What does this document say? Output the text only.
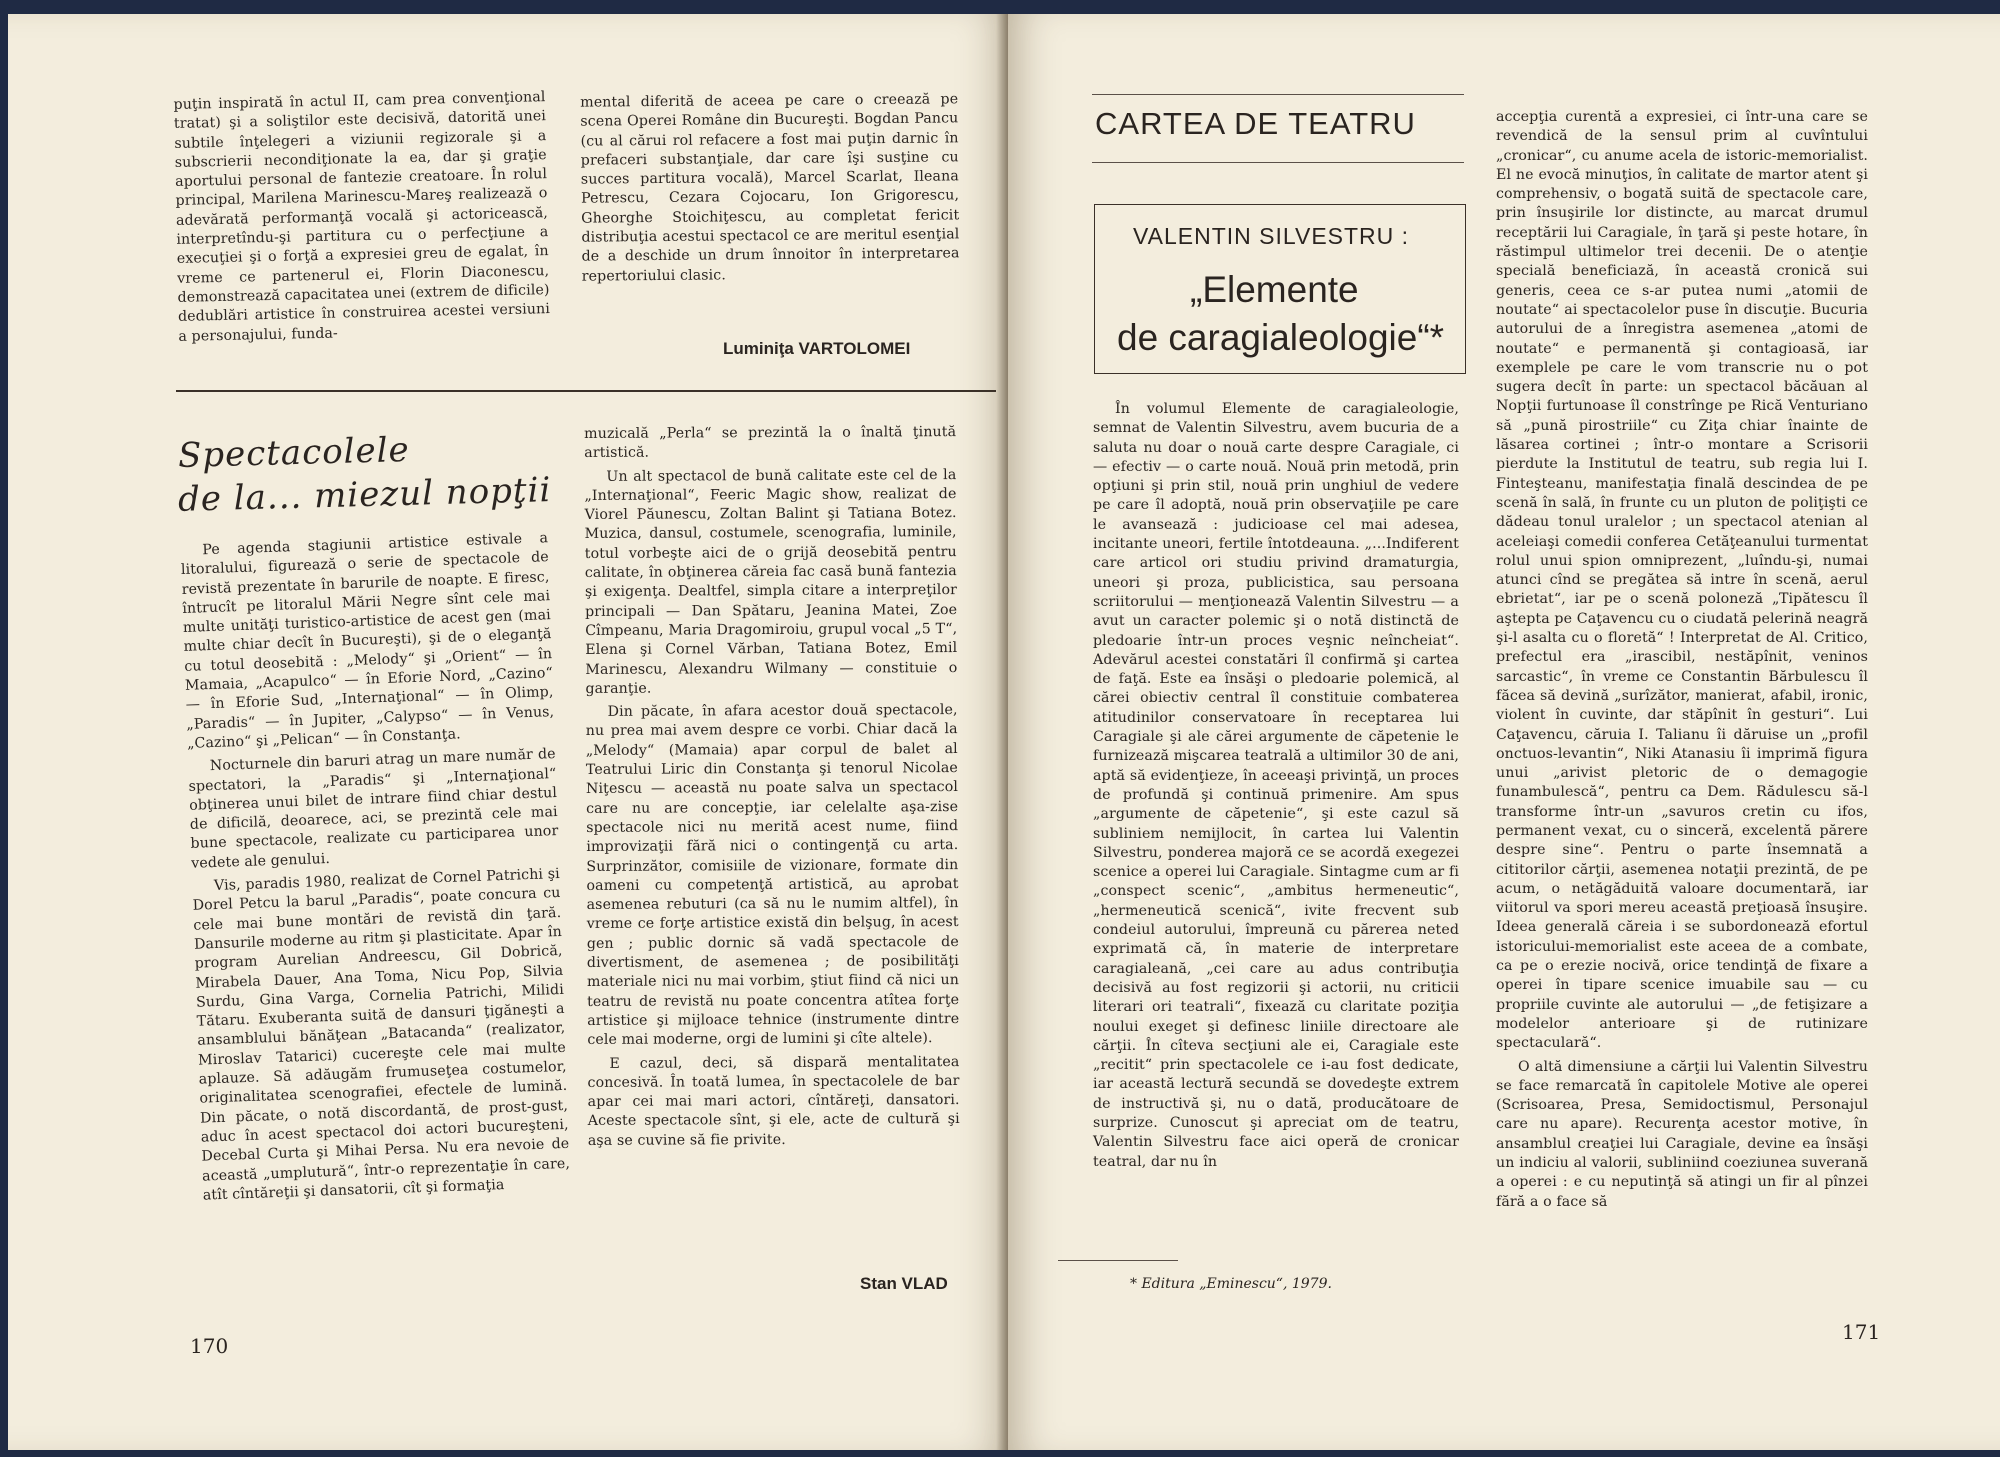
puţin inspirată în actul II, cam prea convenţional tratat) şi a soliştilor este decisivă, datorită unei subtile înţelegeri a viziunii regizorale şi a subscrierii necondiţionate la ea, dar şi graţie aportului personal de fantezie creatoare. În rolul principal, Marilena Marinescu-Mareş realizează o adevărată performanţă vocală şi actoricească, interpretîndu-şi partitura cu o perfecţiune a execuţiei şi o forţă a expresiei greu de egalat, în vreme ce partenerul ei, Florin Diaconescu, demonstrează capacitatea unei (extrem de dificile) dedublări artistice în construirea acestei versiuni a personajului, funda-

mental diferită de aceea pe care o creează pe scena Operei Române din Bucureşti. Bogdan Pancu (cu al cărui rol refacere a fost mai puţin darnic în prefaceri substanţiale, dar care îşi susţine cu succes partitura vocală), Marcel Scarlat, Ileana Petrescu, Cezara Cojocaru, Ion Grigorescu, Gheorghe Stoichiţescu, au completat fericit distribuţia acestui spectacol ce are meritul esenţial de a deschide un drum înnoitor în interpretarea repertoriului clasic.

Luminiţa VARTOLOMEI
Spectacolele
de la... miezul nopţii

Pe agenda stagiunii artistice estivale a litoralului, figurează o serie de spectacole de revistă prezentate în barurile de noapte. E firesc, întrucît pe litoralul Mării Negre sînt cele mai multe unităţi turistico-artistice de acest gen (mai multe chiar decît în Bucureşti), şi de o eleganţă cu totul deosebită : „Melody“ şi „Orient“ — în Mamaia, „Acapulco“ — în Eforie Nord, „Cazino“ — în Eforie Sud, „Internaţional“ — în Olimp, „Paradis“ — în Jupiter, „Calypso“ — în Venus, „Cazino“ şi „Pelican“ — în Constanţa.

Nocturnele din baruri atrag un mare număr de spectatori, la „Paradis“ şi „Internaţional“ obţinerea unui bilet de intrare fiind chiar destul de dificilă, deoarece, aci, se prezintă cele mai bune spectacole, realizate cu participarea unor vedete ale genului.

Vis, paradis 1980, realizat de Cornel Patrichi şi Dorel Petcu la barul „Paradis“, poate concura cu cele mai bune montări de revistă din ţară. Dansurile moderne au ritm şi plasticitate. Apar în program Aurelian Andreescu, Gil Dobrică, Mirabela Dauer, Ana Toma, Nicu Pop, Silvia Surdu, Gina Varga, Cornelia Patrichi, Milidi Tătaru. Exuberanta suită de dansuri ţigăneşti a ansamblului bănăţean „Batacanda“ (realizator, Miroslav Tatarici) cucereşte cele mai multe aplauze. Să adăugăm frumuseţea costumelor, originalitatea scenografiei, efectele de lumină. Din păcate, o notă discordantă, de prost-gust, aduc în acest spectacol doi actori bucureşteni, Decebal Curta şi Mihai Persa. Nu era nevoie de această „umplutură“, într-o reprezentaţie în care, atît cîntăreţii şi dansatorii, cît şi formaţia

muzicală „Perla“ se prezintă la o înaltă ţinută artistică.

Un alt spectacol de bună calitate este cel de la „Internaţional“, Feeric Magic show, realizat de Viorel Păunescu, Zoltan Balint şi Tatiana Botez. Muzica, dansul, costumele, scenografia, luminile, totul vorbeşte aici de o grijă deosebită pentru calitate, în obţinerea căreia fac casă bună fantezia şi exigenţa. Dealtfel, simpla citare a interpreţilor principali — Dan Spătaru, Jeanina Matei, Zoe Cîmpeanu, Maria Dragomiroiu, grupul vocal „5 T“, Elena şi Cornel Vărban, Tatiana Botez, Emil Marinescu, Alexandru Wilmany — constituie o garanţie.

Din păcate, în afara acestor două spectacole, nu prea mai avem despre ce vorbi. Chiar dacă la „Melody“ (Mamaia) apar corpul de balet al Teatrului Liric din Constanţa şi tenorul Nicolae Niţescu — această nu poate salva un spectacol care nu are concepţie, iar celelalte aşa-zise spectacole nici nu merită acest nume, fiind improvizaţii fără nici o contingenţă cu arta. Surprinzător, comisiile de vizionare, formate din oameni cu competenţă artistică, au aprobat asemenea rebuturi (ca să nu le numim altfel), în vreme ce forţe artistice există din belşug, în acest gen ; public dornic să vadă spectacole de divertisment, de asemenea ; de posibilităţi materiale nici nu mai vorbim, ştiut fiind că nici un teatru de revistă nu poate concentra atîtea forţe artistice şi mijloace tehnice (instrumente dintre cele mai moderne, orgi de lumini şi cîte altele).

E cazul, deci, să dispară mentalitatea concesivă. În toată lumea, în spectacolele de bar apar cei mai mari actori, cîntăreţi, dansatori. Aceste spectacole sînt, şi ele, acte de cultură şi aşa se cuvine să fie privite.

Stan VLAD
170
CARTEA DE TEATRU
VALENTIN SILVESTRU :
„Elemente
de caragialeologie“*

În volumul Elemente de caragialeologie, semnat de Valentin Silvestru, avem bucuria de a saluta nu doar o nouă carte despre Caragiale, ci — efectiv — o carte nouă. Nouă prin metodă, prin opţiuni şi prin stil, nouă prin unghiul de vedere pe care îl adoptă, nouă prin observaţiile pe care le avansează : judicioase cel mai adesea, incitante uneori, fertile întotdeauna. „...Indiferent care articol ori studiu privind dramaturgia, uneori şi proza, publicistica, sau persoana scriitorului — menţionează Valentin Silvestru — a avut un caracter polemic şi o notă distinctă de pledoarie într-un proces veşnic neîncheiat“. Adevărul acestei constatări îl confirmă şi cartea de faţă. Este ea însăşi o pledoarie polemică, al cărei obiectiv central îl constituie combaterea atitudinilor conservatoare în receptarea lui Caragiale şi ale cărei argumente de căpetenie le furnizează mişcarea teatrală a ultimilor 30 de ani, aptă să evidenţieze, în aceeaşi privinţă, un proces de profundă şi continuă primenire. Am spus „argumente de căpetenie“, şi este cazul să subliniem nemijlocit, în cartea lui Valentin Silvestru, ponderea majoră ce se acordă exegezei scenice a operei lui Caragiale. Sintagme cum ar fi „conspect scenic“, „ambitus hermeneutic“, „hermeneutică scenică“, ivite frecvent sub condeiul autorului, împreună cu părerea neted exprimată că, în materie de interpretare caragialeană, „cei care au adus contribuţia decisivă au fost regizorii şi actorii, nu criticii literari ori teatrali“, fixează cu claritate poziţia noului exeget şi definesc liniile directoare ale cărţii. În cîteva secţiuni ale ei, Caragiale este „recitit“ prin spectacolele ce i-au fost dedicate, iar această lectură secundă se dovedeşte extrem de instructivă şi, nu o dată, producătoare de surprize. Cunoscut şi apreciat om de teatru, Valentin Silvestru face aici operă de cronicar teatral, dar nu în

* Editura „Eminescu“, 1979.

accepţia curentă a expresiei, ci într-una care se revendică de la sensul prim al cuvîntului „cronicar“, cu anume acela de istoric-memorialist. El ne evocă minuţios, în calitate de martor atent şi comprehensiv, o bogată suită de spectacole care, prin însuşirile lor distincte, au marcat drumul receptării lui Caragiale, în ţară şi peste hotare, în răstimpul ultimelor trei decenii. De o atenţie specială beneficiază, în această cronică sui generis, ceea ce s-ar putea numi „atomii de noutate“ ai spectacolelor puse în discuţie. Bucuria autorului de a înregistra asemenea „atomi de noutate“ e permanentă şi contagioasă, iar exemplele pe care le vom transcrie nu o pot sugera decît în parte: un spectacol băcăuan al Nopţii furtunoase îl constrînge pe Rică Venturiano să „pună pirostriile“ cu Ziţa chiar înainte de lăsarea cortinei ; într-o montare a Scrisorii pierdute la Institutul de teatru, sub regia lui I. Finteşteanu, manifestaţia finală descindea de pe scenă în sală, în frunte cu un pluton de poliţişti ce dădeau tonul uralelor ; un spectacol atenian al aceleiaşi comedii conferea Cetăţeanului turmentat rolul unui spion omniprezent, „luîndu-şi, numai atunci cînd se pregătea să intre în scenă, aerul ebrietat“, iar pe o scenă poloneză „Tipătescu îl aştepta pe Caţavencu cu o ciudată pelerină neagră şi-l asalta cu o floretă“ ! Interpretat de Al. Critico, prefectul era „irascibil, nestăpînit, veninos sarcastic“, în vreme ce Constantin Bărbulescu îl făcea să devină „surîzător, manierat, afabil, ironic, violent în cuvinte, dar stăpînit în gesturi“. Lui Caţavencu, căruia I. Talianu îi dăruise un „profil onctuos-levantin“, Niki Atanasiu îi imprimă figura unui „arivist pletoric de o demagogie funambulescă“, pentru ca Dem. Rădulescu să-l transforme într-un „savuros cretin cu ifos, permanent vexat, cu o sinceră, excelentă părere despre sine“. Pentru o parte însemnată a cititorilor cărţii, asemenea notaţii prezintă, de pe acum, o netăgăduită valoare documentară, iar viitorul va spori mereu această preţioasă însuşire. Ideea generală căreia i se subordonează efortul istoricului-memorialist este aceea de a combate, ca pe o erezie nocivă, orice tendinţă de fixare a operei în tipare scenice imuabile sau — cu propriile cuvinte ale autorului — „de fetişizare a modelelor anterioare şi de rutinizare spectaculară“.

O altă dimensiune a cărţii lui Valentin Silvestru se face remarcată în capitolele Motive ale operei (Scrisoarea, Presa, Semidoctismul, Personajul care nu apare). Recurenţa acestor motive, în ansamblul creaţiei lui Caragiale, devine ea însăşi un indiciu al valorii, subliniind coeziunea suverană a operei : e cu neputinţă să atingi un fir al pînzei fără a o face să

171
